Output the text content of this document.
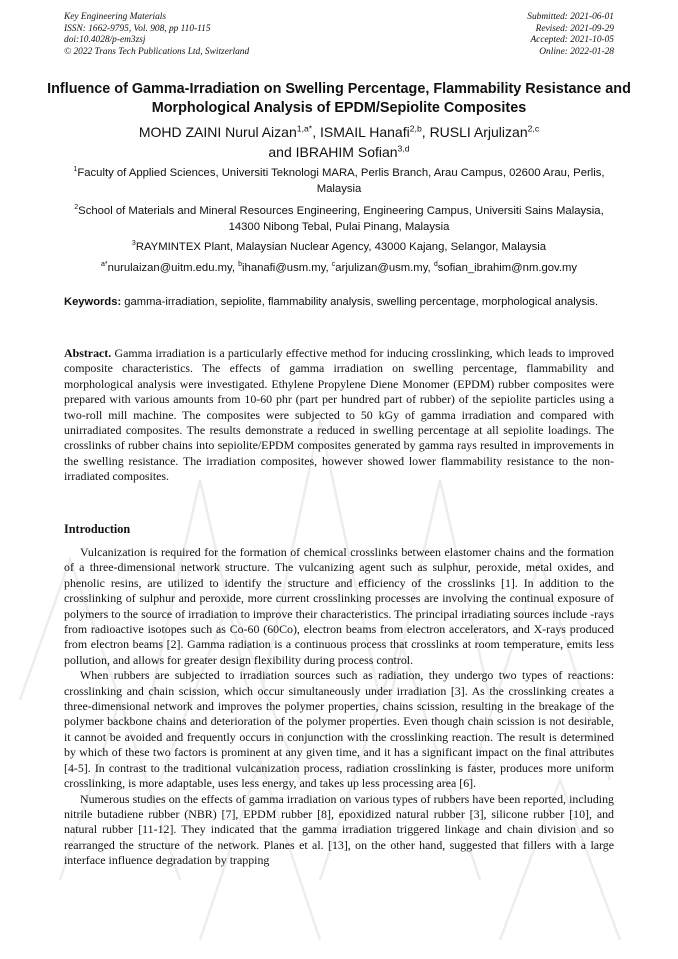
Key Engineering Materials
ISSN: 1662-9795, Vol. 908, pp 110-115
doi:10.4028/p-em3zsj
© 2022 Trans Tech Publications Ltd, Switzerland
Submitted: 2021-06-01
Revised: 2021-09-29
Accepted: 2021-10-05
Online: 2022-01-28
Influence of Gamma-Irradiation on Swelling Percentage, Flammability Resistance and Morphological Analysis of EPDM/Sepiolite Composites
MOHD ZAINI Nurul Aizan$^{1,a*}$, ISMAIL Hanafi$^{2,b}$, RUSLI Arjulizan$^{2,c}$
and IBRAHIM Sofian$^{3,d}$
$^1$Faculty of Applied Sciences, Universiti Teknologi MARA, Perlis Branch, Arau Campus, 02600 Arau, Perlis, Malaysia
$^2$School of Materials and Mineral Resources Engineering, Engineering Campus, Universiti Sains Malaysia, 14300 Nibong Tebal, Pulai Pinang, Malaysia
$^3$RAYMINTEX Plant, Malaysian Nuclear Agency, 43000 Kajang, Selangor, Malaysia
$^{a*}$nurulaizan@uitm.edu.my, $^b$ihanafi@usm.my, $^c$arjulizan@usm.my, $^d$sofian_ibrahim@nm.gov.my
Keywords: gamma-irradiation, sepiolite, flammability analysis, swelling percentage, morphological analysis.
Abstract. Gamma irradiation is a particularly effective method for inducing crosslinking, which leads to improved composite characteristics. The effects of gamma irradiation on swelling percentage, flammability and morphological analysis were investigated. Ethylene Propylene Diene Monomer (EPDM) rubber composites were prepared with various amounts from 10-60 phr (part per hundred part of rubber) of the sepiolite particles using a two-roll mill machine. The composites were subjected to 50 kGy of gamma irradiation and compared with unirradiated composites. The results demonstrate a reduced in swelling percentage at all sepiolite loadings. The crosslinks of rubber chains into sepiolite/EPDM composites generated by gamma rays resulted in improvements in the swelling resistance. The irradiation composites, however showed lower flammability resistance to the non-irradiated composites.
Introduction

Vulcanization is required for the formation of chemical crosslinks between elastomer chains and the formation of a three-dimensional network structure. The vulcanizing agent such as sulphur, peroxide, metal oxides, and phenolic resins, are utilized to identify the structure and efficiency of the crosslinks [1]. In addition to the crosslinking of sulphur and peroxide, more current crosslinking processes are involving the continual exposure of polymers to the source of irradiation to improve their characteristics. The principal irradiating sources include -rays from radioactive isotopes such as Co-60 (60Co), electron beams from electron accelerators, and X-rays produced from electron beams [2]. Gamma radiation is a continuous process that crosslinks at room temperature, emits less pollution, and allows for greater design flexibility during process control.

When rubbers are subjected to irradiation sources such as radiation, they undergo two types of reactions: crosslinking and chain scission, which occur simultaneously under irradiation [3]. As the crosslinking creates a three-dimensional network and improves the polymer properties, chains scission, resulting in the breakage of the polymer backbone chains and deterioration of the polymer properties. Even though chain scission is not desirable, it cannot be avoided and frequently occurs in conjunction with the crosslinking reaction. The result is determined by which of these two factors is prominent at any given time, and it has a significant impact on the final attributes [4-5]. In contrast to the traditional vulcanization process, radiation crosslinking is faster, produces more uniform crosslinking, is more adaptable, uses less energy, and takes up less processing area [6].

Numerous studies on the effects of gamma irradiation on various types of rubbers have been reported, including nitrile butadiene rubber (NBR) [7], EPDM rubber [8], epoxidized natural rubber [3], silicone rubber [10], and natural rubber [11-12]. They indicated that the gamma irradiation triggered linkage and chain division and so rearranged the structure of the network. Planes et al. [13], on the other hand, suggested that fillers with a large interface influence degradation by trapping
